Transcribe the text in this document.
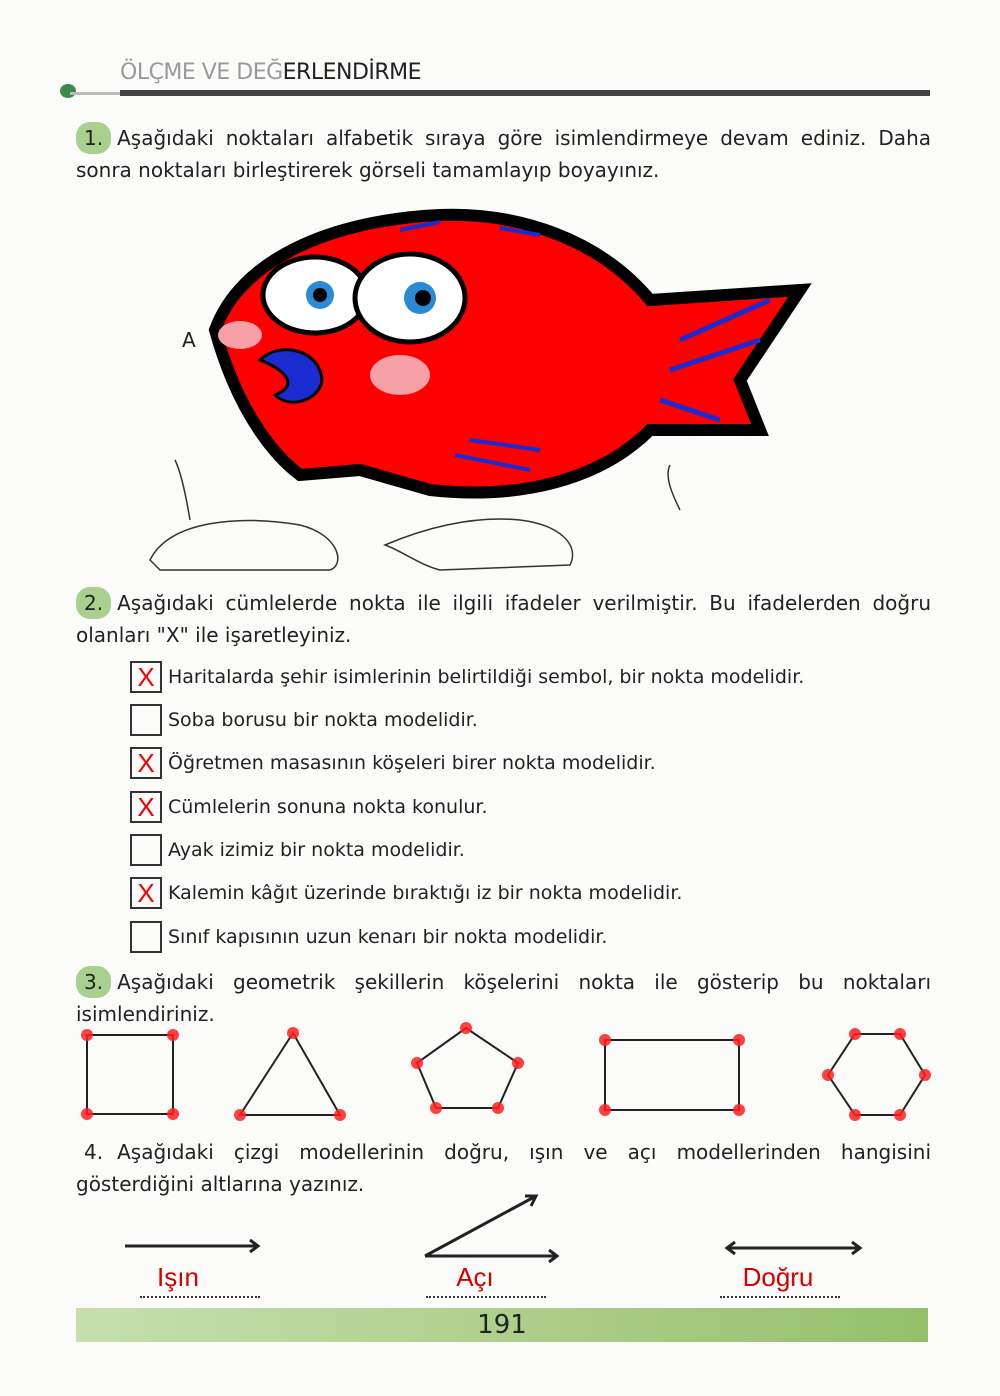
ÖLÇME VE DEĞERLENDİRME
1. Aşağıdaki noktaları alfabetik sıraya göre isimlendirmeye devam ediniz. Daha sonra noktaları birleştirerek görseli tamamlayıp boyayınız.
A
2. Aşağıdaki cümlelerde nokta ile ilgili ifadeler verilmiştir. Bu ifadelerden doğru olanları "X" ile işaretleyiniz.
X Haritalarda şehir isimlerinin belirtildiği sembol, bir nokta modelidir.
Soba borusu bir nokta modelidir.
X Öğretmen masasının köşeleri birer nokta modelidir.
X Cümlelerin sonuna nokta konulur.
Ayak izimiz bir nokta modelidir.
X Kalemin kâğıt üzerinde bıraktığı iz bir nokta modelidir.
Sınıf kapısının uzun kenarı bir nokta modelidir.
3. Aşağıdaki geometrik şekillerin köşelerini nokta ile gösterip bu noktaları isimlendiriniz.
4. Aşağıdaki çizgi modellerinin doğru, ışın ve açı modellerinden hangisini gösterdiğini altlarına yazınız.
Işın	Açı	Doğru
191
